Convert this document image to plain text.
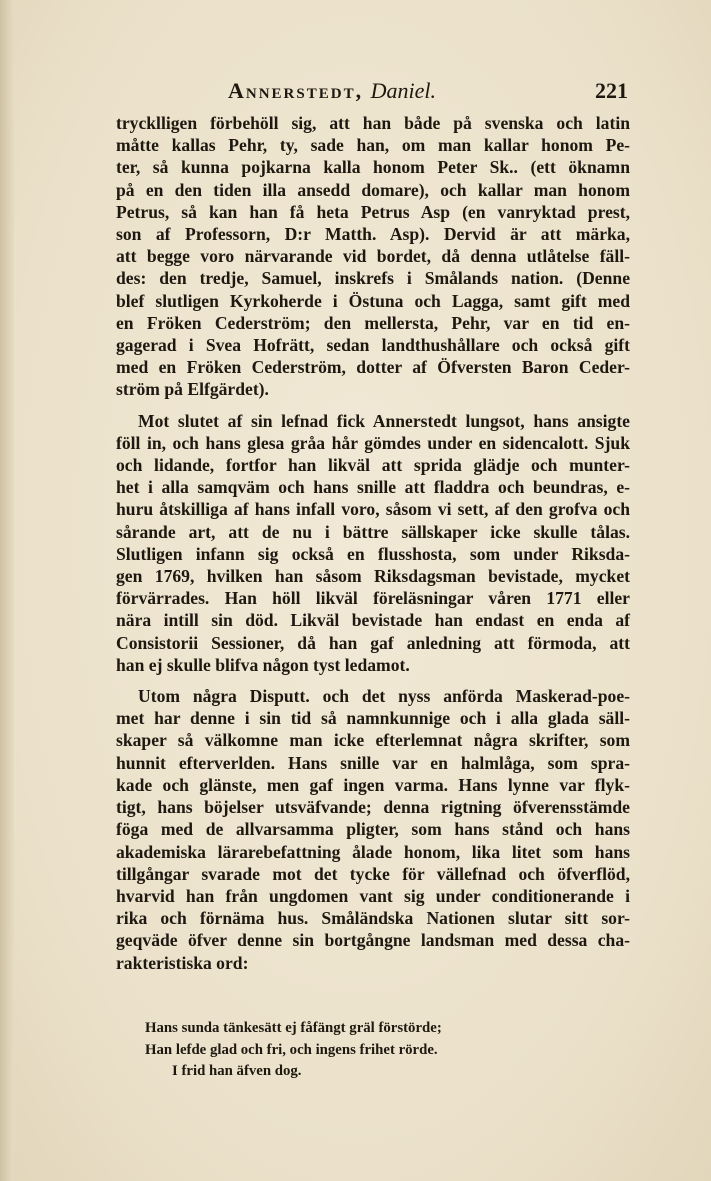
Annerstedt, Daniel.	221
trycklligen förbehöll sig, att han både på svenska och latin
måtte kallas Pehr, ty, sade han, om man kallar honom Pe-
ter, så kunna pojkarna kalla honom Peter Sk.. (ett öknamn
på en den tiden illa ansedd domare), och kallar man honom
Petrus, så kan han få heta Petrus Asp (en vanryktad prest,
son af Professorn, D:r Matth. Asp). Dervid är att märka,
att begge voro närvarande vid bordet, då denna utlåtelse fäll-
des: den tredje, Samuel, inskrefs i Smålands nation. (Denne
blef slutligen Kyrkoherde i Östuna och Lagga, samt gift med
en Fröken Cederström; den mellersta, Pehr, var en tid en-
gagerad i Svea Hofrätt, sedan landthushållare och också gift
med en Fröken Cederström, dotter af Öfversten Baron Ceder-
ström på Elfgärdet).
Mot slutet af sin lefnad fick Annerstedt lungsot, hans ansigte
föll in, och hans glesa gråa hår gömdes under en sidencalott. Sjuk
och lidande, fortfor han likväl att sprida glädje och munter-
het i alla samqväm och hans snille att fladdra och beundras, e-
huru åtskilliga af hans infall voro, såsom vi sett, af den grofva och
sårande art, att de nu i bättre sällskaper icke skulle tålas.
Slutligen infann sig också en flusshosta, som under Riksda-
gen 1769, hvilken han såsom Riksdagsman bevistade, mycket
förvärrades. Han höll likväl föreläsningar våren 1771 eller
nära intill sin död. Likväl bevistade han endast en enda af
Consistorii Sessioner, då han gaf anledning att förmoda, att
han ej skulle blifva någon tyst ledamot.
Utom några Disputt. och det nyss anförda Maskerad-poe-
met har denne i sin tid så namnkunnige och i alla glada säll-
skaper så välkomne man icke efterlemnat några skrifter, som
hunnit efterverlden. Hans snille var en halmlåga, som spra-
kade och glänste, men gaf ingen varma. Hans lynne var flyk-
tigt, hans böjelser utsväfvande; denna rigtning öfverensstämde
föga med de allvarsamma pligter, som hans stånd och hans
akademiska lärarebefattning ålade honom, lika litet som hans
tillgångar svarade mot det tycke för vällefnad och öfverflöd,
hvarvid han från ungdomen vant sig under conditionerande i
rika och förnäma hus. Småländska Nationen slutar sitt sor-
geqväde öfver denne sin bortgångne landsman med dessa cha-
rakteristiska ord:
Hans sunda tänkesätt ej fåfängt gräl förstörde;
Han lefde glad och fri, och ingens frihet rörde.
I frid han äfven dog.
